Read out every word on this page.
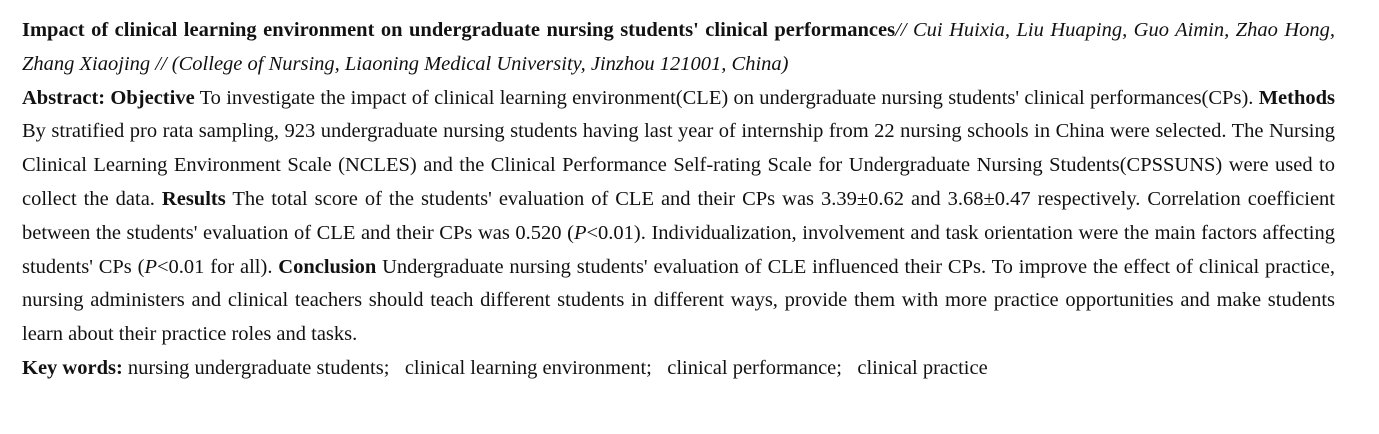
Impact of clinical learning environment on undergraduate nursing students' clinical performances// Cui Huixia, Liu Huaping, Guo Aimin, Zhao Hong, Zhang Xiaojing // (College of Nursing, Liaoning Medical University, Jinzhou 121001, China)

Abstract: Objective To investigate the impact of clinical learning environment(CLE) on undergraduate nursing students' clinical performances(CPs). Methods By stratified pro rata sampling, 923 undergraduate nursing students having last year of internship from 22 nursing schools in China were selected. The Nursing Clinical Learning Environment Scale (NCLES) and the Clinical Performance Self-rating Scale for Undergraduate Nursing Students(CPSSUNS) were used to collect the data. Results The total score of the students' evaluation of CLE and their CPs was 3.39±0.62 and 3.68±0.47 respectively. Correlation coefficient between the students' evaluation of CLE and their CPs was 0.520 (P<0.01). Individualization, involvement and task orientation were the main factors affecting students' CPs (P<0.01 for all). Conclusion Undergraduate nursing students' evaluation of CLE influenced their CPs. To improve the effect of clinical practice, nursing administers and clinical teachers should teach different students in different ways, provide them with more practice opportunities and make students learn about their practice roles and tasks.

Key words: nursing undergraduate students;   clinical learning environment;   clinical performance;   clinical practice
